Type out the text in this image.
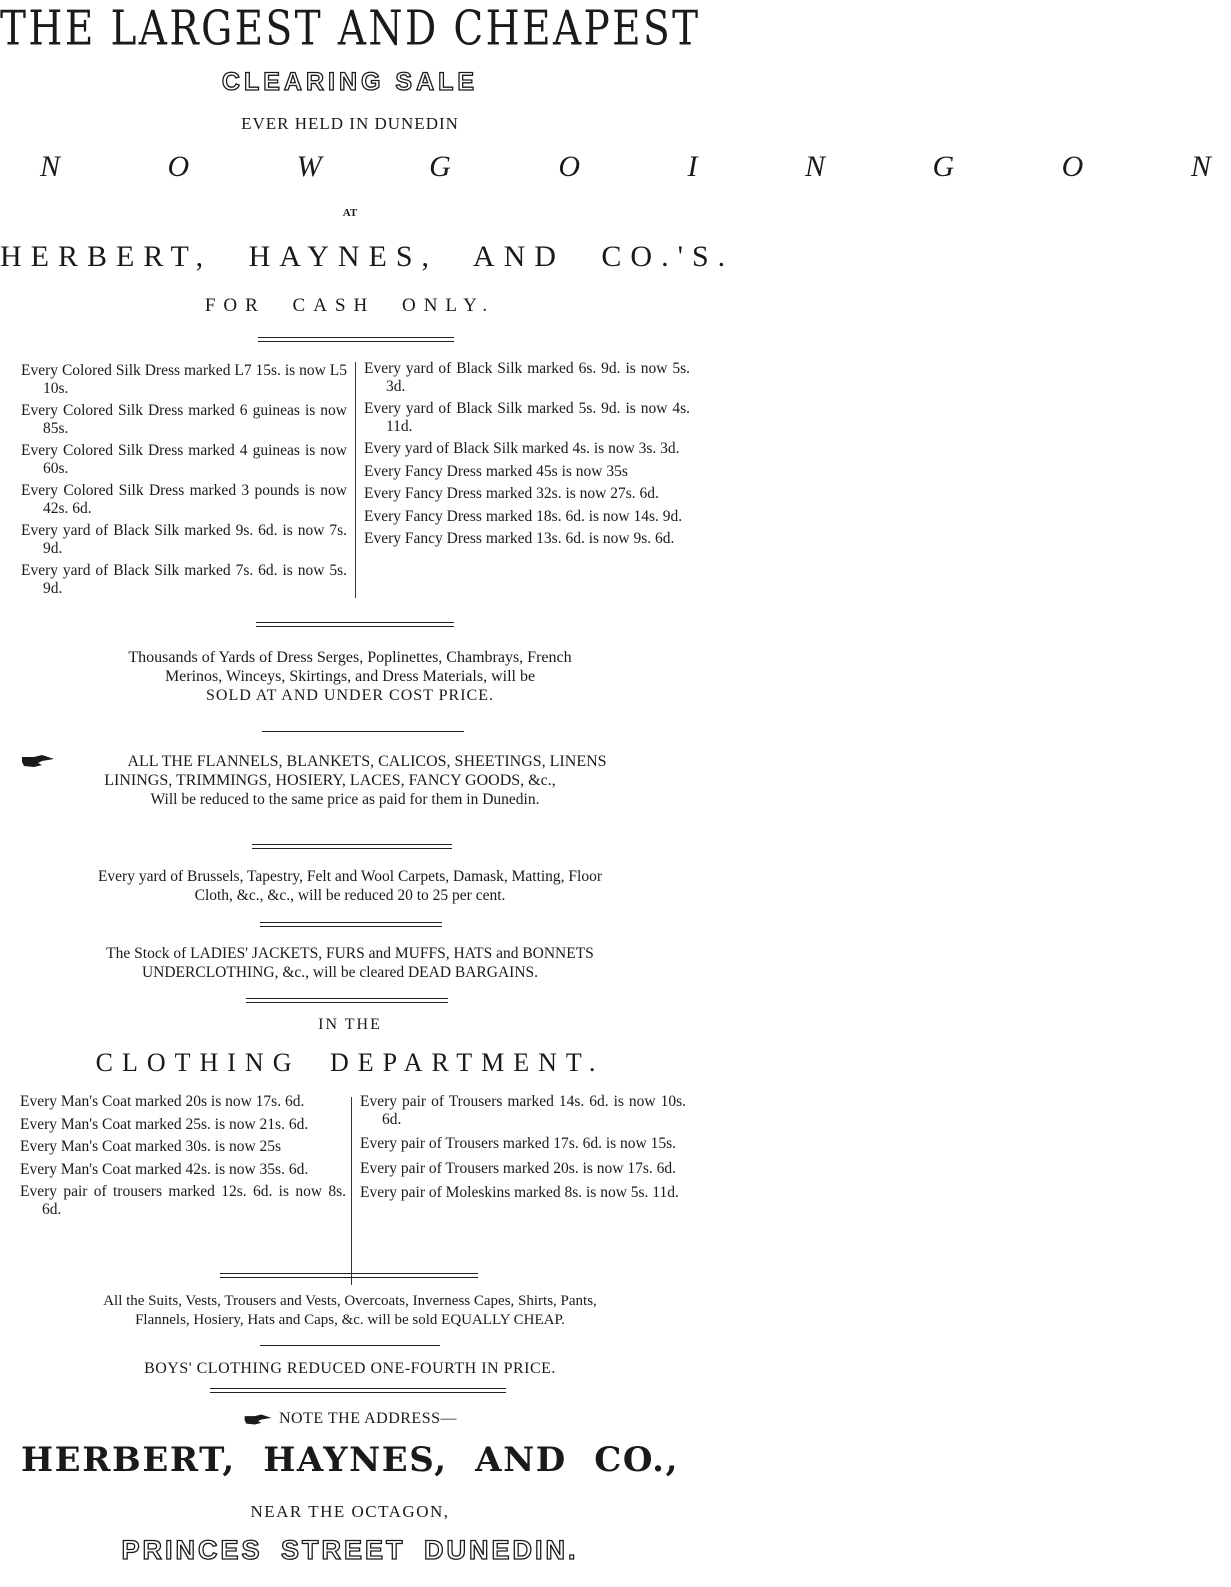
THE LARGEST AND CHEAPEST
CLEARING SALE
EVER HELD IN DUNEDIN
N O W G O I N G O N
AT
HERBERT, HAYNES, AND CO.'S.
FOR CASH ONLY.

Every Colored Silk Dress marked L7 15s. is now L5 10s.

Every Colored Silk Dress marked 6 guineas is now 85s.

Every Colored Silk Dress marked 4 guineas is now 60s.

Every Colored Silk Dress marked 3 pounds is now 42s. 6d.

Every yard of Black Silk marked 9s. 6d. is now 7s. 9d.

Every yard of Black Silk marked 7s. 6d. is now 5s. 9d.

Every yard of Black Silk marked 6s. 9d. is now 5s. 3d.

Every yard of Black Silk marked 5s. 9d. is now 4s. 11d.

Every yard of Black Silk marked 4s. is now 3s. 3d.

Every Fancy Dress marked 45s is now 35s

Every Fancy Dress marked 32s. is now 27s. 6d.

Every Fancy Dress marked 18s. 6d. is now 14s. 9d.

Every Fancy Dress marked 13s. 6d. is now 9s. 6d.

Thousands of Yards of Dress Serges, Poplinettes, Chambrays, French
Merinos, Winceys, Skirtings, and Dress Materials, will be
SOLD AT AND UNDER COST PRICE.
ALL THE FLANNELS, BLANKETS, CALICOS, SHEETINGS, LINENS
LININGS, TRIMMINGS, HOSIERY, LACES, FANCY GOODS, &c.,
Will be reduced to the same price as paid for them in Dunedin.
Every yard of Brussels, Tapestry, Felt and Wool Carpets, Damask, Matting, Floor
Cloth, &c., &c., will be reduced 20 to 25 per cent.
The Stock of LADIES' JACKETS, FURS and MUFFS, HATS and BONNETS
UNDERCLOTHING, &c., will be cleared DEAD BARGAINS.
IN THE
CLOTHING DEPARTMENT.

Every Man's Coat marked 20s is now 17s. 6d.

Every Man's Coat marked 25s. is now 21s. 6d.

Every Man's Coat marked 30s. is now 25s

Every Man's Coat marked 42s. is now 35s. 6d.

Every pair of trousers marked 12s. 6d. is now 8s. 6d.

Every pair of Trousers marked 14s. 6d. is now 10s. 6d.

Every pair of Trousers marked 17s. 6d. is now 15s.

Every pair of Trousers marked 20s. is now 17s. 6d.

Every pair of Moleskins marked 8s. is now 5s. 11d.

All the Suits, Vests, Trousers and Vests, Overcoats, Inverness Capes, Shirts, Pants,
Flannels, Hosiery, Hats and Caps, &c. will be sold EQUALLY CHEAP.
BOYS' CLOTHING REDUCED ONE-FOURTH IN PRICE.
NOTE THE ADDRESS—
HERBERT, HAYNES, AND CO.,
NEAR THE OCTAGON,
PRINCES STREET DUNEDIN.
